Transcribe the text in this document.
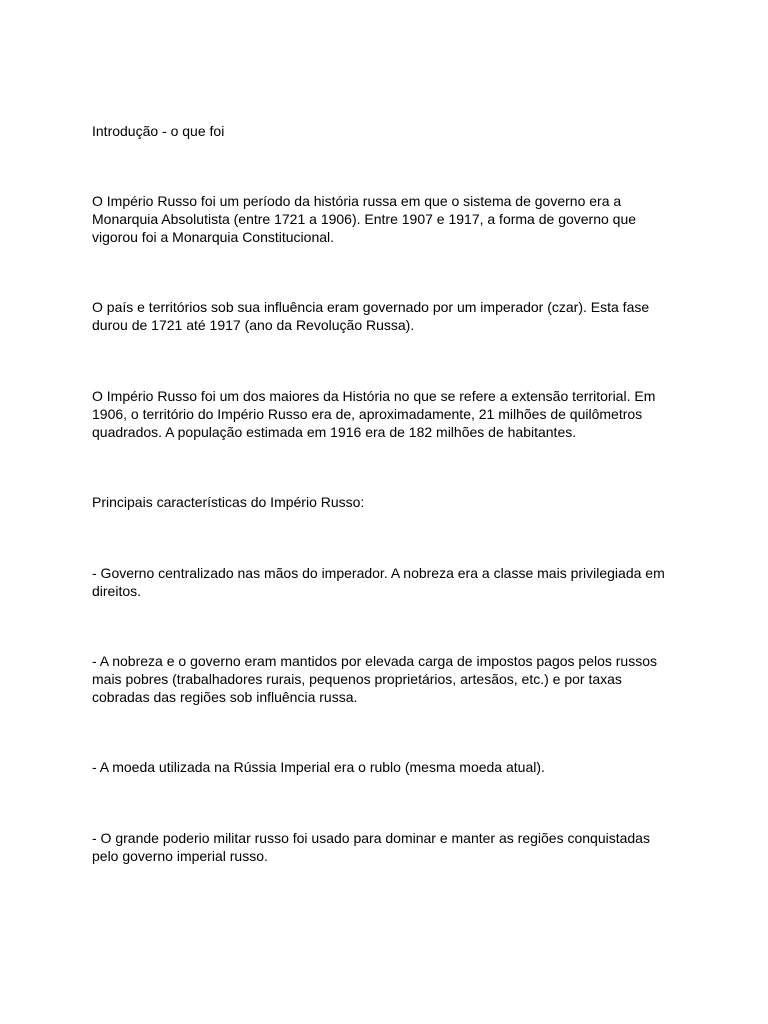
Introdução - o que foi

O Império Russo foi um período da história russa em que o sistema de governo era a
Monarquia Absolutista (entre 1721 a 1906). Entre 1907 e 1917, a forma de governo que
vigorou foi a Monarquia Constitucional.

O país e territórios sob sua influência eram governado por um imperador (czar). Esta fase
durou de 1721 até 1917 (ano da Revolução Russa).

O Império Russo foi um dos maiores da História no que se refere a extensão territorial. Em
1906, o território do Império Russo era de, aproximadamente, 21 milhões de quilômetros
quadrados. A população estimada em 1916 era de 182 milhões de habitantes.

Principais características do Império Russo:

- Governo centralizado nas mãos do imperador. A nobreza era a classe mais privilegiada em
direitos.

- A nobreza e o governo eram mantidos por elevada carga de impostos pagos pelos russos
mais pobres (trabalhadores rurais, pequenos proprietários, artesãos, etc.) e por taxas
cobradas das regiões sob influência russa.

- A moeda utilizada na Rússia Imperial era o rublo (mesma moeda atual).

- O grande poderio militar russo foi usado para dominar e manter as regiões conquistadas
pelo governo imperial russo.
